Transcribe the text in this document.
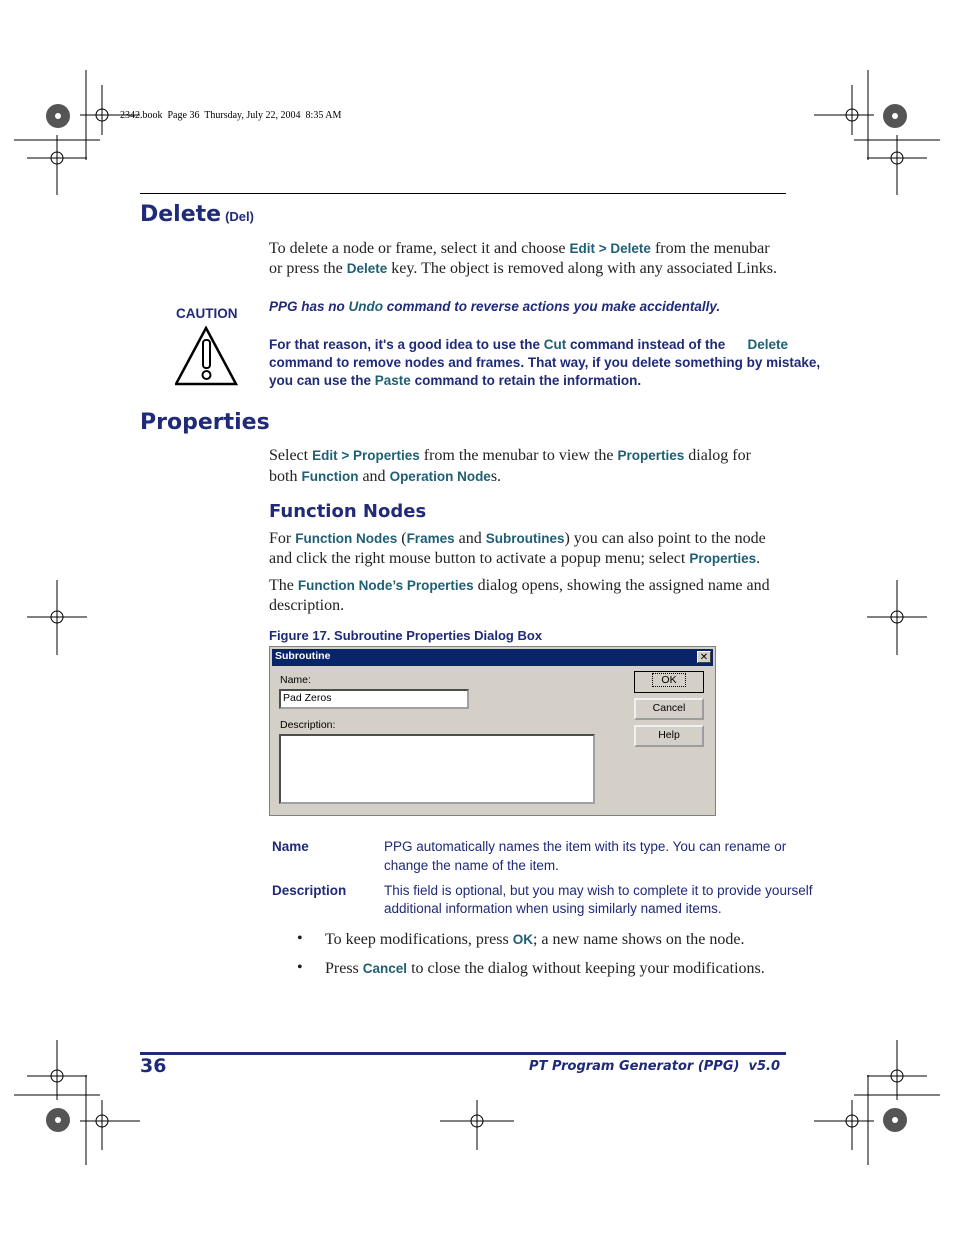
2342.book  Page 36  Thursday, July 22, 2004  8:35 AM
Delete (Del)
To delete a node or frame, select it and choose Edit > Delete from the menubar
or press the Delete key. The object is removed along with any associated Links.
CAUTION PPG has no Undo command to reverse actions you make accidentally.
For that reason, it's a good idea to use the Cut command instead of the Delete
command to remove nodes and frames. That way, if you delete something by mistake,
you can use the Paste command to retain the information.
Properties
Select Edit > Properties from the menubar to view the Properties dialog for
both Function and Operation Nodes.
Function Nodes
For Function Nodes (Frames and Subroutines) you can also point to the node
and click the right mouse button to activate a popup menu; select Properties.
The Function Node’s Properties dialog opens, showing the assigned name and
description.
Figure 17. Subroutine Properties Dialog Box
Subroutine	✕
Name:
Pad Zeros
Description:
OK
Cancel
Help
Name	PPG automatically names the item with its type. You can rename or
change the name of the item.
Description	This field is optional, but you may wish to complete it to provide yourself
additional information when using similarly named items.
• To keep modifications, press OK; a new name shows on the node.
• Press Cancel to close the dialog without keeping your modifications.
36	PT Program Generator (PPG)  v5.0
